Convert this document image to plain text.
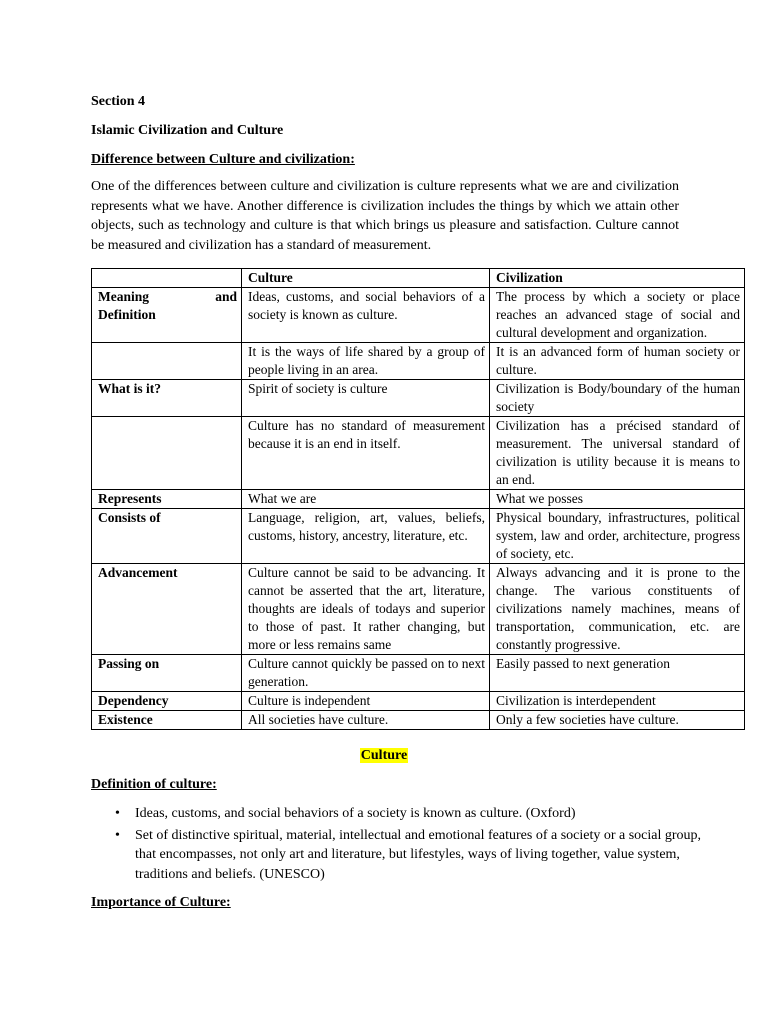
Section 4
Islamic Civilization and Culture
Difference between Culture and civilization:
One of the differences between culture and civilization is culture represents what we are and civilization represents what we have. Another difference is civilization includes the things by which we attain other objects, such as technology and culture is that which brings us pleasure and satisfaction. Culture cannot be measured and civilization has a standard of measurement.
	Culture	Civilization

Meaning and
Definition	Ideas, customs, and social behaviors of a society is known as culture.	The process by which a society or place reaches an advanced stage of social and cultural development and organization.
	It is the ways of life shared by a group of people living in an area.	It is an advanced form of human society or culture.
What is it?	Spirit of society is culture	Civilization is Body/boundary of the human society
	Culture has no standard of measurement because it is an end in itself.	Civilization has a précised standard of measurement. The universal standard of civilization is utility because it is means to an end.
Represents	What we are	What we posses
Consists of	Language, religion, art, values, beliefs, customs, history, ancestry, literature, etc.	Physical boundary, infrastructures, political system, law and order, architecture, progress of society, etc.
Advancement	Culture cannot be said to be advancing. It cannot be asserted that the art, literature, thoughts are ideals of todays and superior to those of past. It rather changing, but more or less remains same	Always advancing and it is prone to the change. The various constituents of civilizations namely machines, means of transportation, communication, etc. are constantly progressive.
Passing on	Culture cannot quickly be passed on to next generation.	Easily passed to next generation
Dependency	Culture is independent	Civilization is interdependent
Existence	All societies have culture.	Only a few societies have culture.
Culture
Definition of culture:
• Ideas, customs, and social behaviors of a society is known as culture. (Oxford)
• Set of distinctive spiritual, material, intellectual and emotional features of a society or a social group, that encompasses, not only art and literature, but lifestyles, ways of living together, value system, traditions and beliefs. (UNESCO)
Importance of Culture:
